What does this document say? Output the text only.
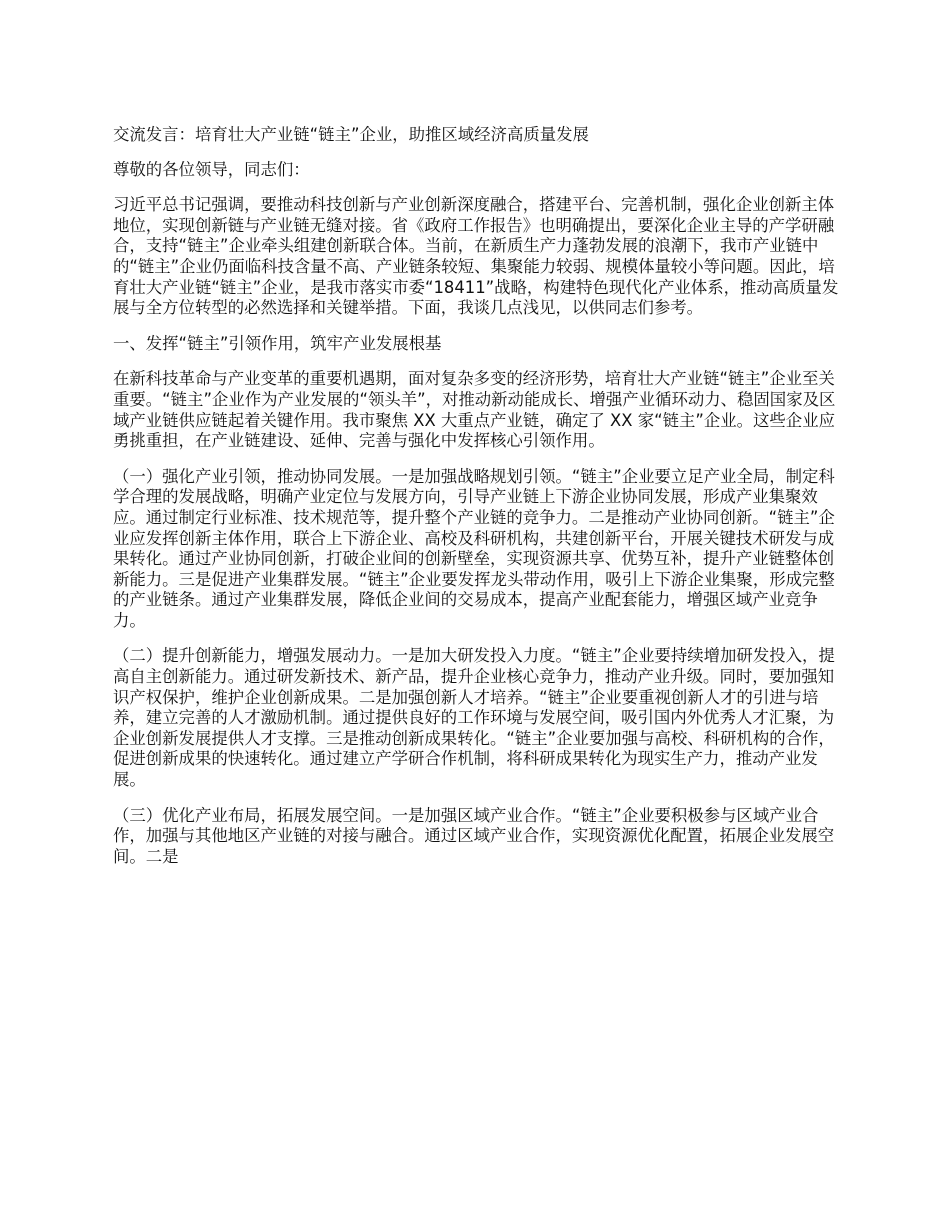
交流发言：培育壮大产业链“链主”企业，助推区域经济高质量发展

尊敬的各位领导，同志们：

习近平总书记强调，要推动科技创新与产业创新深度融合，搭建平台、完善机制，强化企业创新主体地位，实现创新链与产业链无缝对接。省《政府工作报告》也明确提出，要深化企业主导的产学研融合，支持“链主”企业牵头组建创新联合体。当前，在新质生产力蓬勃发展的浪潮下，我市产业链中的“链主”企业仍面临科技含量不高、产业链条较短、集聚能力较弱、规模体量较小等问题。因此，培育壮大产业链“链主”企业，是我市落实市委“18411”战略，构建特色现代化产业体系，推动高质量发展与全方位转型的必然选择和关键举措。下面，我谈几点浅见，以供同志们参考。

一、发挥“链主”引领作用，筑牢产业发展根基

在新科技革命与产业变革的重要机遇期，面对复杂多变的经济形势，培育壮大产业链“链主”企业至关重要。“链主”企业作为产业发展的“领头羊”，对推动新动能成长、增强产业循环动力、稳固国家及区域产业链供应链起着关键作用。我市聚焦 XX 大重点产业链，确定了 XX 家“链主”企业。这些企业应勇挑重担，在产业链建设、延伸、完善与强化中发挥核心引领作用。

（一）强化产业引领，推动协同发展。一是加强战略规划引领。“链主”企业要立足产业全局，制定科学合理的发展战略，明确产业定位与发展方向，引导产业链上下游企业协同发展，形成产业集聚效应。通过制定行业标准、技术规范等，提升整个产业链的竞争力。二是推动产业协同创新。“链主”企业应发挥创新主体作用，联合上下游企业、高校及科研机构，共建创新平台，开展关键技术研发与成果转化。通过产业协同创新，打破企业间的创新壁垒，实现资源共享、优势互补，提升产业链整体创新能力。三是促进产业集群发展。“链主”企业要发挥龙头带动作用，吸引上下游企业集聚，形成完整的产业链条。通过产业集群发展，降低企业间的交易成本，提高产业配套能力，增强区域产业竞争力。

（二）提升创新能力，增强发展动力。一是加大研发投入力度。“链主”企业要持续增加研发投入，提高自主创新能力。通过研发新技术、新产品，提升企业核心竞争力，推动产业升级。同时，要加强知识产权保护，维护企业创新成果。二是加强创新人才培养。“链主”企业要重视创新人才的引进与培养，建立完善的人才激励机制。通过提供良好的工作环境与发展空间，吸引国内外优秀人才汇聚，为企业创新发展提供人才支撑。三是推动创新成果转化。“链主”企业要加强与高校、科研机构的合作，促进创新成果的快速转化。通过建立产学研合作机制，将科研成果转化为现实生产力，推动产业发展。

（三）优化产业布局，拓展发展空间。一是加强区域产业合作。“链主”企业要积极参与区域产业合作，加强与其他地区产业链的对接与融合。通过区域产业合作，实现资源优化配置，拓展企业发展空间。二是
